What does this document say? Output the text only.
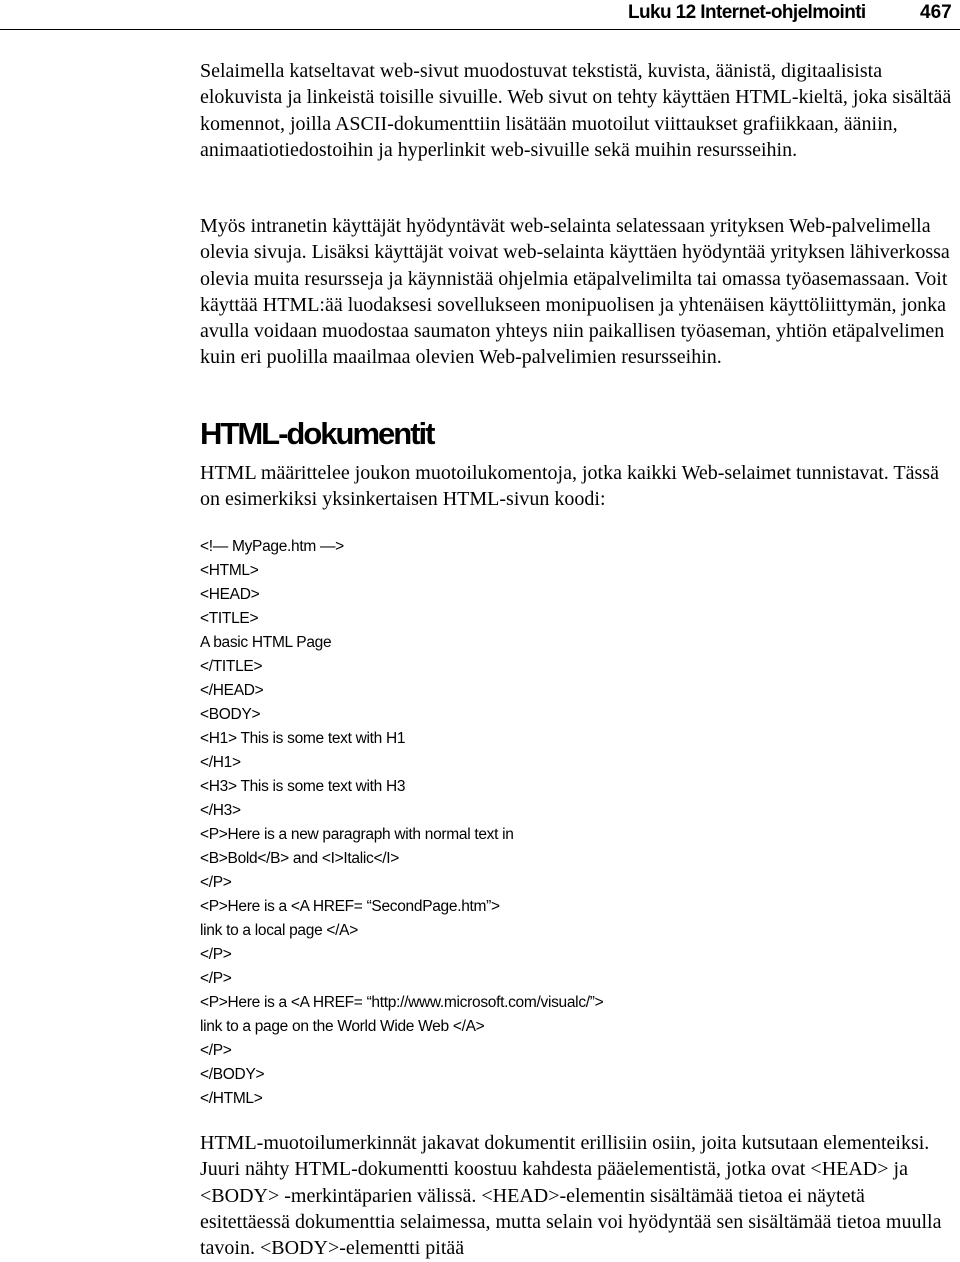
Luku 12 Internet-ohjelmointi	467

Selaimella katseltavat web-sivut muodostuvat tekstistä, kuvista, äänistä, digitaalisista elokuvista ja linkeistä toisille sivuille. Web sivut on tehty käyttäen HTML-kieltä, joka sisältää komennot, joilla ASCII-dokumenttiin lisätään muotoilut viittaukset grafiikkaan, ääniin, animaatiotiedostoihin ja hyperlinkit web-sivuille sekä muihin resursseihin.

Myös intranetin käyttäjät hyödyntävät web-selainta selatessaan yrityksen Web-palvelimella olevia sivuja. Lisäksi käyttäjät voivat web-selainta käyttäen hyödyntää yrityksen lähiverkossa olevia muita resursseja ja käynnistää ohjelmia etäpalvelimilta tai omassa työasemassaan. Voit käyttää HTML:ää luodaksesi sovellukseen monipuolisen ja yhtenäisen käyttöliittymän, jonka avulla voidaan muodostaa saumaton yhteys niin paikallisen työaseman, yhtiön etäpalvelimen kuin eri puolilla maailmaa olevien Web-palvelimien resursseihin.

HTML-dokumentit

HTML määrittelee joukon muotoilukomentoja, jotka kaikki Web-selaimet tunnistavat. Tässä on esimerkiksi yksinkertaisen HTML-sivun koodi:

<!— MyPage.htm —>
<HTML>
<HEAD>
<TITLE>
A basic HTML Page
</TITLE>
</HEAD>
<BODY>
<H1> This is some text with H1
</H1>
<H3> This is some text with H3
</H3>
<P>Here is a new paragraph with normal text in
<B>Bold</B> and <I>Italic</I>
</P>
<P>Here is a <A HREF= “SecondPage.htm”>
link to a local page </A>
</P>
</P>
<P>Here is a <A HREF= “http://www.microsoft.com/visualc/”>
link to a page on the World Wide Web </A>
</P>
</BODY>
</HTML>

HTML-muotoilumerkinnät jakavat dokumentit erillisiin osiin, joita kutsutaan elementeiksi. Juuri nähty HTML-dokumentti koostuu kahdesta pääelementistä, jotka ovat <HEAD> ja <BODY> -merkintäparien välissä. <HEAD>-elementin sisältämää tietoa ei näytetä esitettäessä dokumenttia selaimessa, mutta selain voi hyödyntää sen sisältämää tietoa muulla tavoin. <BODY>-elementti pitää
